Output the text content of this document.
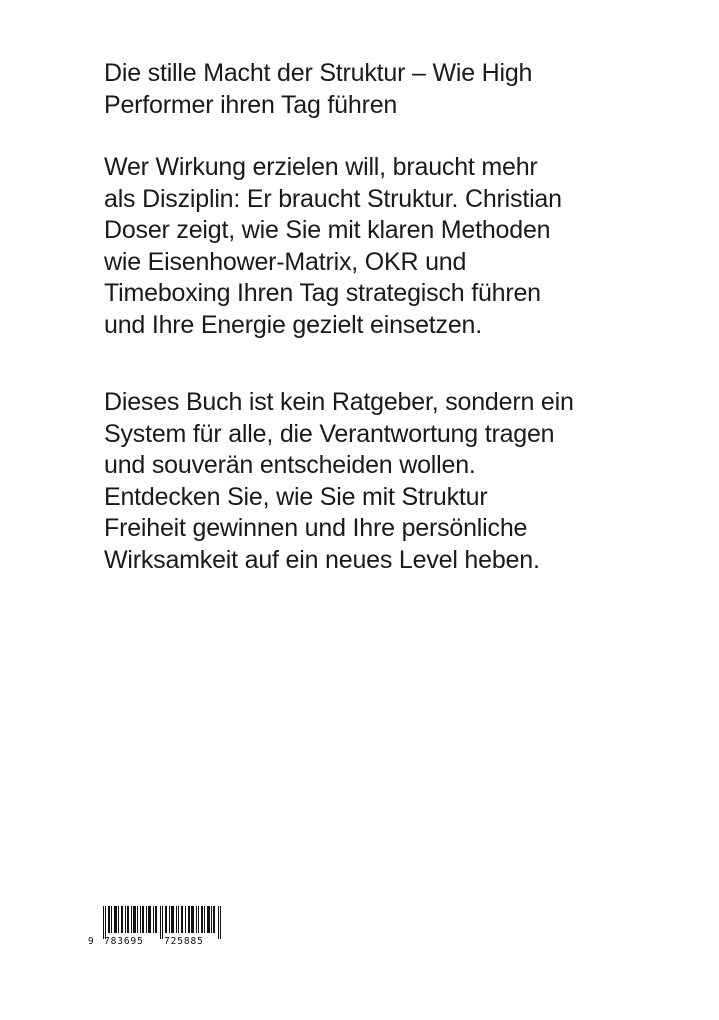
Die stille Macht der Struktur – Wie High
Performer ihren Tag führen
Wer Wirkung erzielen will, braucht mehr
als Disziplin: Er braucht Struktur. Christian
Doser zeigt, wie Sie mit klaren Methoden
wie Eisenhower-Matrix, OKR und
Timeboxing Ihren Tag strategisch führen
und Ihre Energie gezielt einsetzen.
Dieses Buch ist kein Ratgeber, sondern ein
System für alle, die Verantwortung tragen
und souverän entscheiden wollen.
Entdecken Sie, wie Sie mit Struktur
Freiheit gewinnen und Ihre persönliche
Wirksamkeit auf ein neues Level heben.
9 783695 725885
